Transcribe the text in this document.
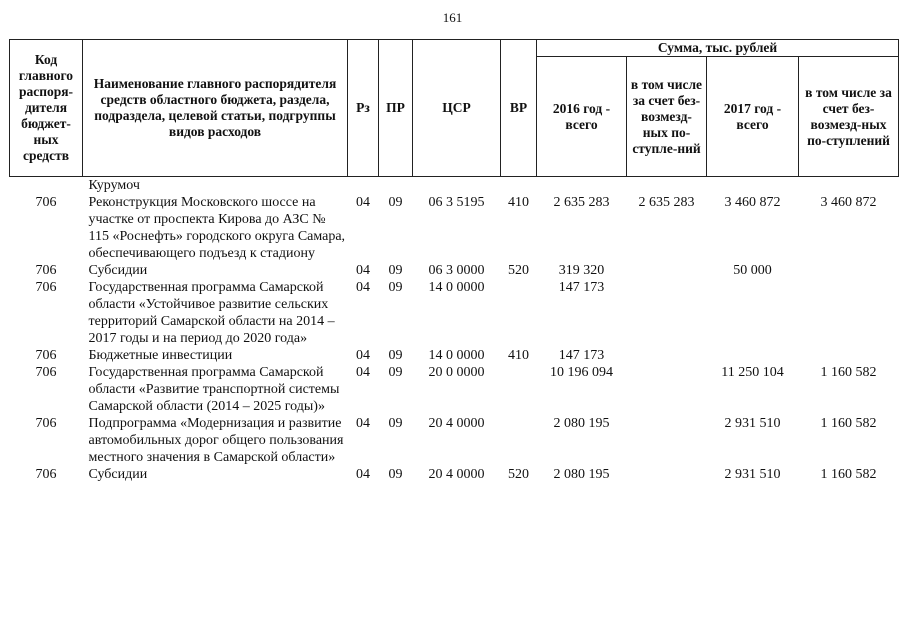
161
Код главного распоря-дителя бюджет-ных средств	Наименование главного распорядителя средств областного бюджета, раздела, подраздела, целевой статьи, подгруппы видов расходов	Рз	ПР	ЦСР	ВР	Сумма, тыс. рублей			
						2016 год - всего	в том числе за счет без-возмезд-ных по-ступле-ний	2017 год - всего	в том числе за счет без-возмезд-ных по-ступлений
	Курумоч								
706	Реконструкция Московского шоссе на участке от проспекта Кирова до АЗС № 115 «Роснефть» городского округа Самара, обеспечивающего подъезд к стадиону	04	09	06 3 5195	410	2 635 283	2 635 283	3 460 872	3 460 872
706	Субсидии	04	09	06 3 0000	520	319 320		50 000	
706	Государственная программа Самарской области «Устойчивое развитие сельских территорий Самарской области на 2014 – 2017 годы и на период до 2020 года»	04	09	14 0 0000		147 173			
706	Бюджетные инвестиции	04	09	14 0 0000	410	147 173			
706	Государственная программа Самарской области «Развитие транспортной системы Самарской области (2014 – 2025 годы)»	04	09	20 0 0000		10 196 094		11 250 104	1 160 582
706	Подпрограмма «Модернизация и развитие автомобильных дорог общего пользования местного значения в Самарской области»	04	09	20 4 0000		2 080 195		2 931 510	1 160 582
706	Субсидии	04	09	20 4 0000	520	2 080 195		2 931 510	1 160 582
